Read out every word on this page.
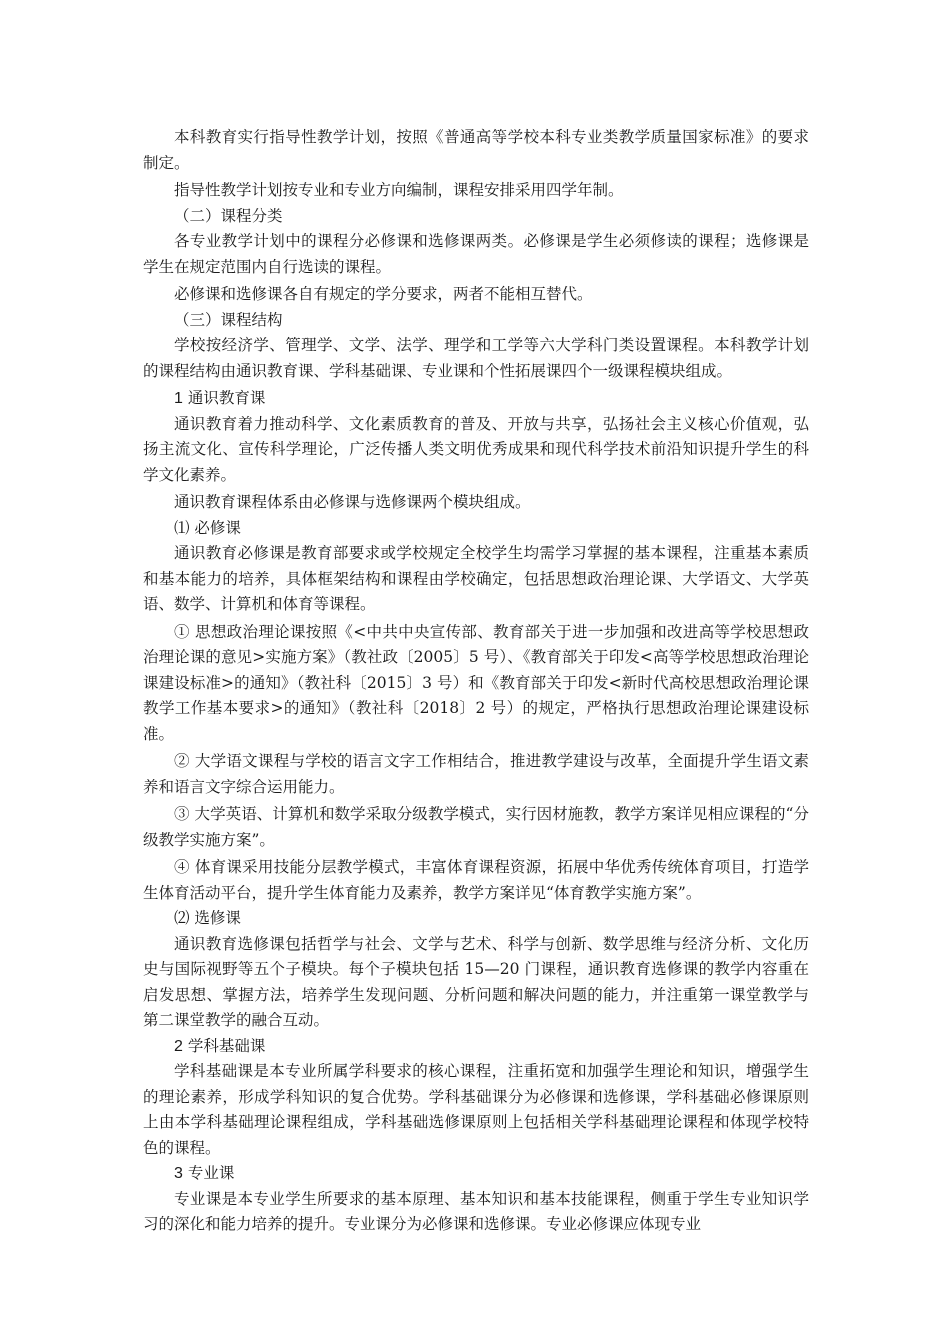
本科教育实行指导性教学计划，按照《普通高等学校本科专业类教学质量国家标准》的要求制定。

指导性教学计划按专业和专业方向编制，课程安排采用四学年制。

（二）课程分类

各专业教学计划中的课程分必修课和选修课两类。必修课是学生必须修读的课程；选修课是学生在规定范围内自行选读的课程。

必修课和选修课各自有规定的学分要求，两者不能相互替代。

（三）课程结构

学校按经济学、管理学、文学、法学、理学和工学等六大学科门类设置课程。本科教学计划的课程结构由通识教育课、学科基础课、专业课和个性拓展课四个一级课程模块组成。

1 通识教育课

通识教育着力推动科学、文化素质教育的普及、开放与共享，弘扬社会主义核心价值观，弘扬主流文化、宣传科学理论，广泛传播人类文明优秀成果和现代科学技术前沿知识提升学生的科学文化素养。

通识教育课程体系由必修课与选修课两个模块组成。

⑴ 必修课

通识教育必修课是教育部要求或学校规定全校学生均需学习掌握的基本课程，注重基本素质和基本能力的培养，具体框架结构和课程由学校确定，包括思想政治理论课、大学语文、大学英语、数学、计算机和体育等课程。

① 思想政治理论课按照《<中共中央宣传部、教育部关于进一步加强和改进高等学校思想政治理论课的意见>实施方案》（教社政〔2005〕5 号）、《教育部关于印发<高等学校思想政治理论课建设标准>的通知》（教社科〔2015〕3 号）和《教育部关于印发<新时代高校思想政治理论课教学工作基本要求>的通知》（教社科〔2018〕2 号）的规定，严格执行思想政治理论课建设标准。

② 大学语文课程与学校的语言文字工作相结合，推进教学建设与改革，全面提升学生语文素养和语言文字综合运用能力。

③ 大学英语、计算机和数学采取分级教学模式，实行因材施教，教学方案详见相应课程的“分级教学实施方案”。

④ 体育课采用技能分层教学模式，丰富体育课程资源，拓展中华优秀传统体育项目，打造学生体育活动平台，提升学生体育能力及素养，教学方案详见“体育教学实施方案”。

⑵ 选修课

通识教育选修课包括哲学与社会、文学与艺术、科学与创新、数学思维与经济分析、文化历史与国际视野等五个子模块。每个子模块包括 15—20 门课程，通识教育选修课的教学内容重在启发思想、掌握方法，培养学生发现问题、分析问题和解决问题的能力，并注重第一课堂教学与第二课堂教学的融合互动。

2 学科基础课

学科基础课是本专业所属学科要求的核心课程，注重拓宽和加强学生理论和知识，增强学生的理论素养，形成学科知识的复合优势。学科基础课分为必修课和选修课，学科基础必修课原则上由本学科基础理论课程组成，学科基础选修课原则上包括相关学科基础理论课程和体现学校特色的课程。

3 专业课

专业课是本专业学生所要求的基本原理、基本知识和基本技能课程，侧重于学生专业知识学习的深化和能力培养的提升。专业课分为必修课和选修课。专业必修课应体现专业
